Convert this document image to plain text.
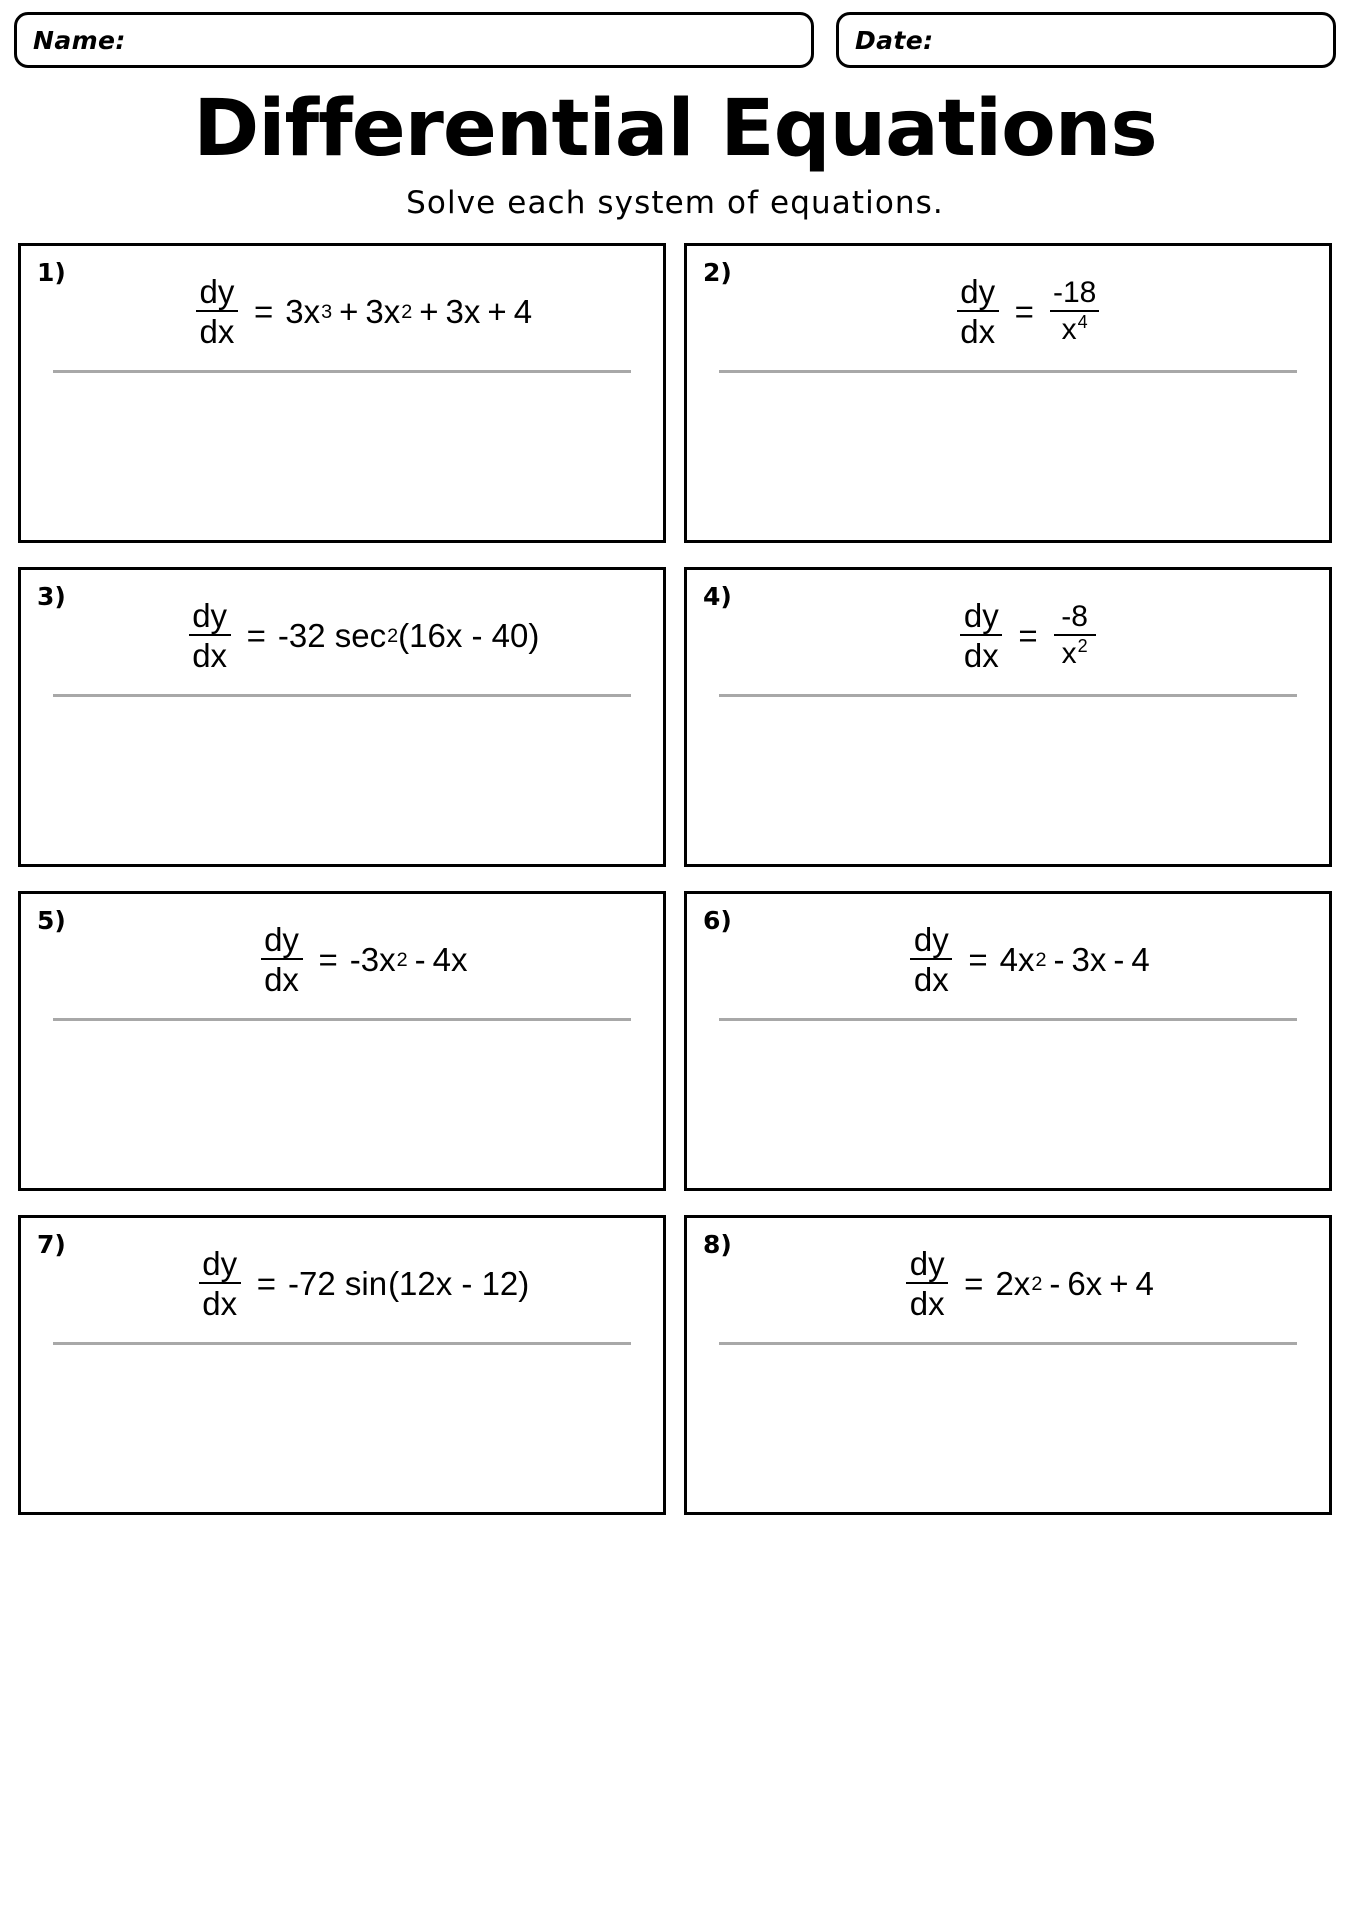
Name:	Date:
Differential Equations
Solve each system of equations.
1)
$\frac{dy}{dx} = 3x$ 3 + 3x 2 + 3x + 4
2)
$\frac{dy}{dx} = \frac{-18}{x^4}$
3)
$\frac{dy}{dx} = -32$ sec 2 (16x - 40)
4)
$\frac{dy}{dx} = \frac{-8}{x^2}$
5)
$\frac{dy}{dx} = -3x$ 2 - 4x
6)
$\frac{dy}{dx} = 4x$ 2 - 3x - 4
7)
$\frac{dy}{dx} = -72$ sin (12x - 12)
8)
$\frac{dy}{dx} = 2x$ 2 - 6x + 4
